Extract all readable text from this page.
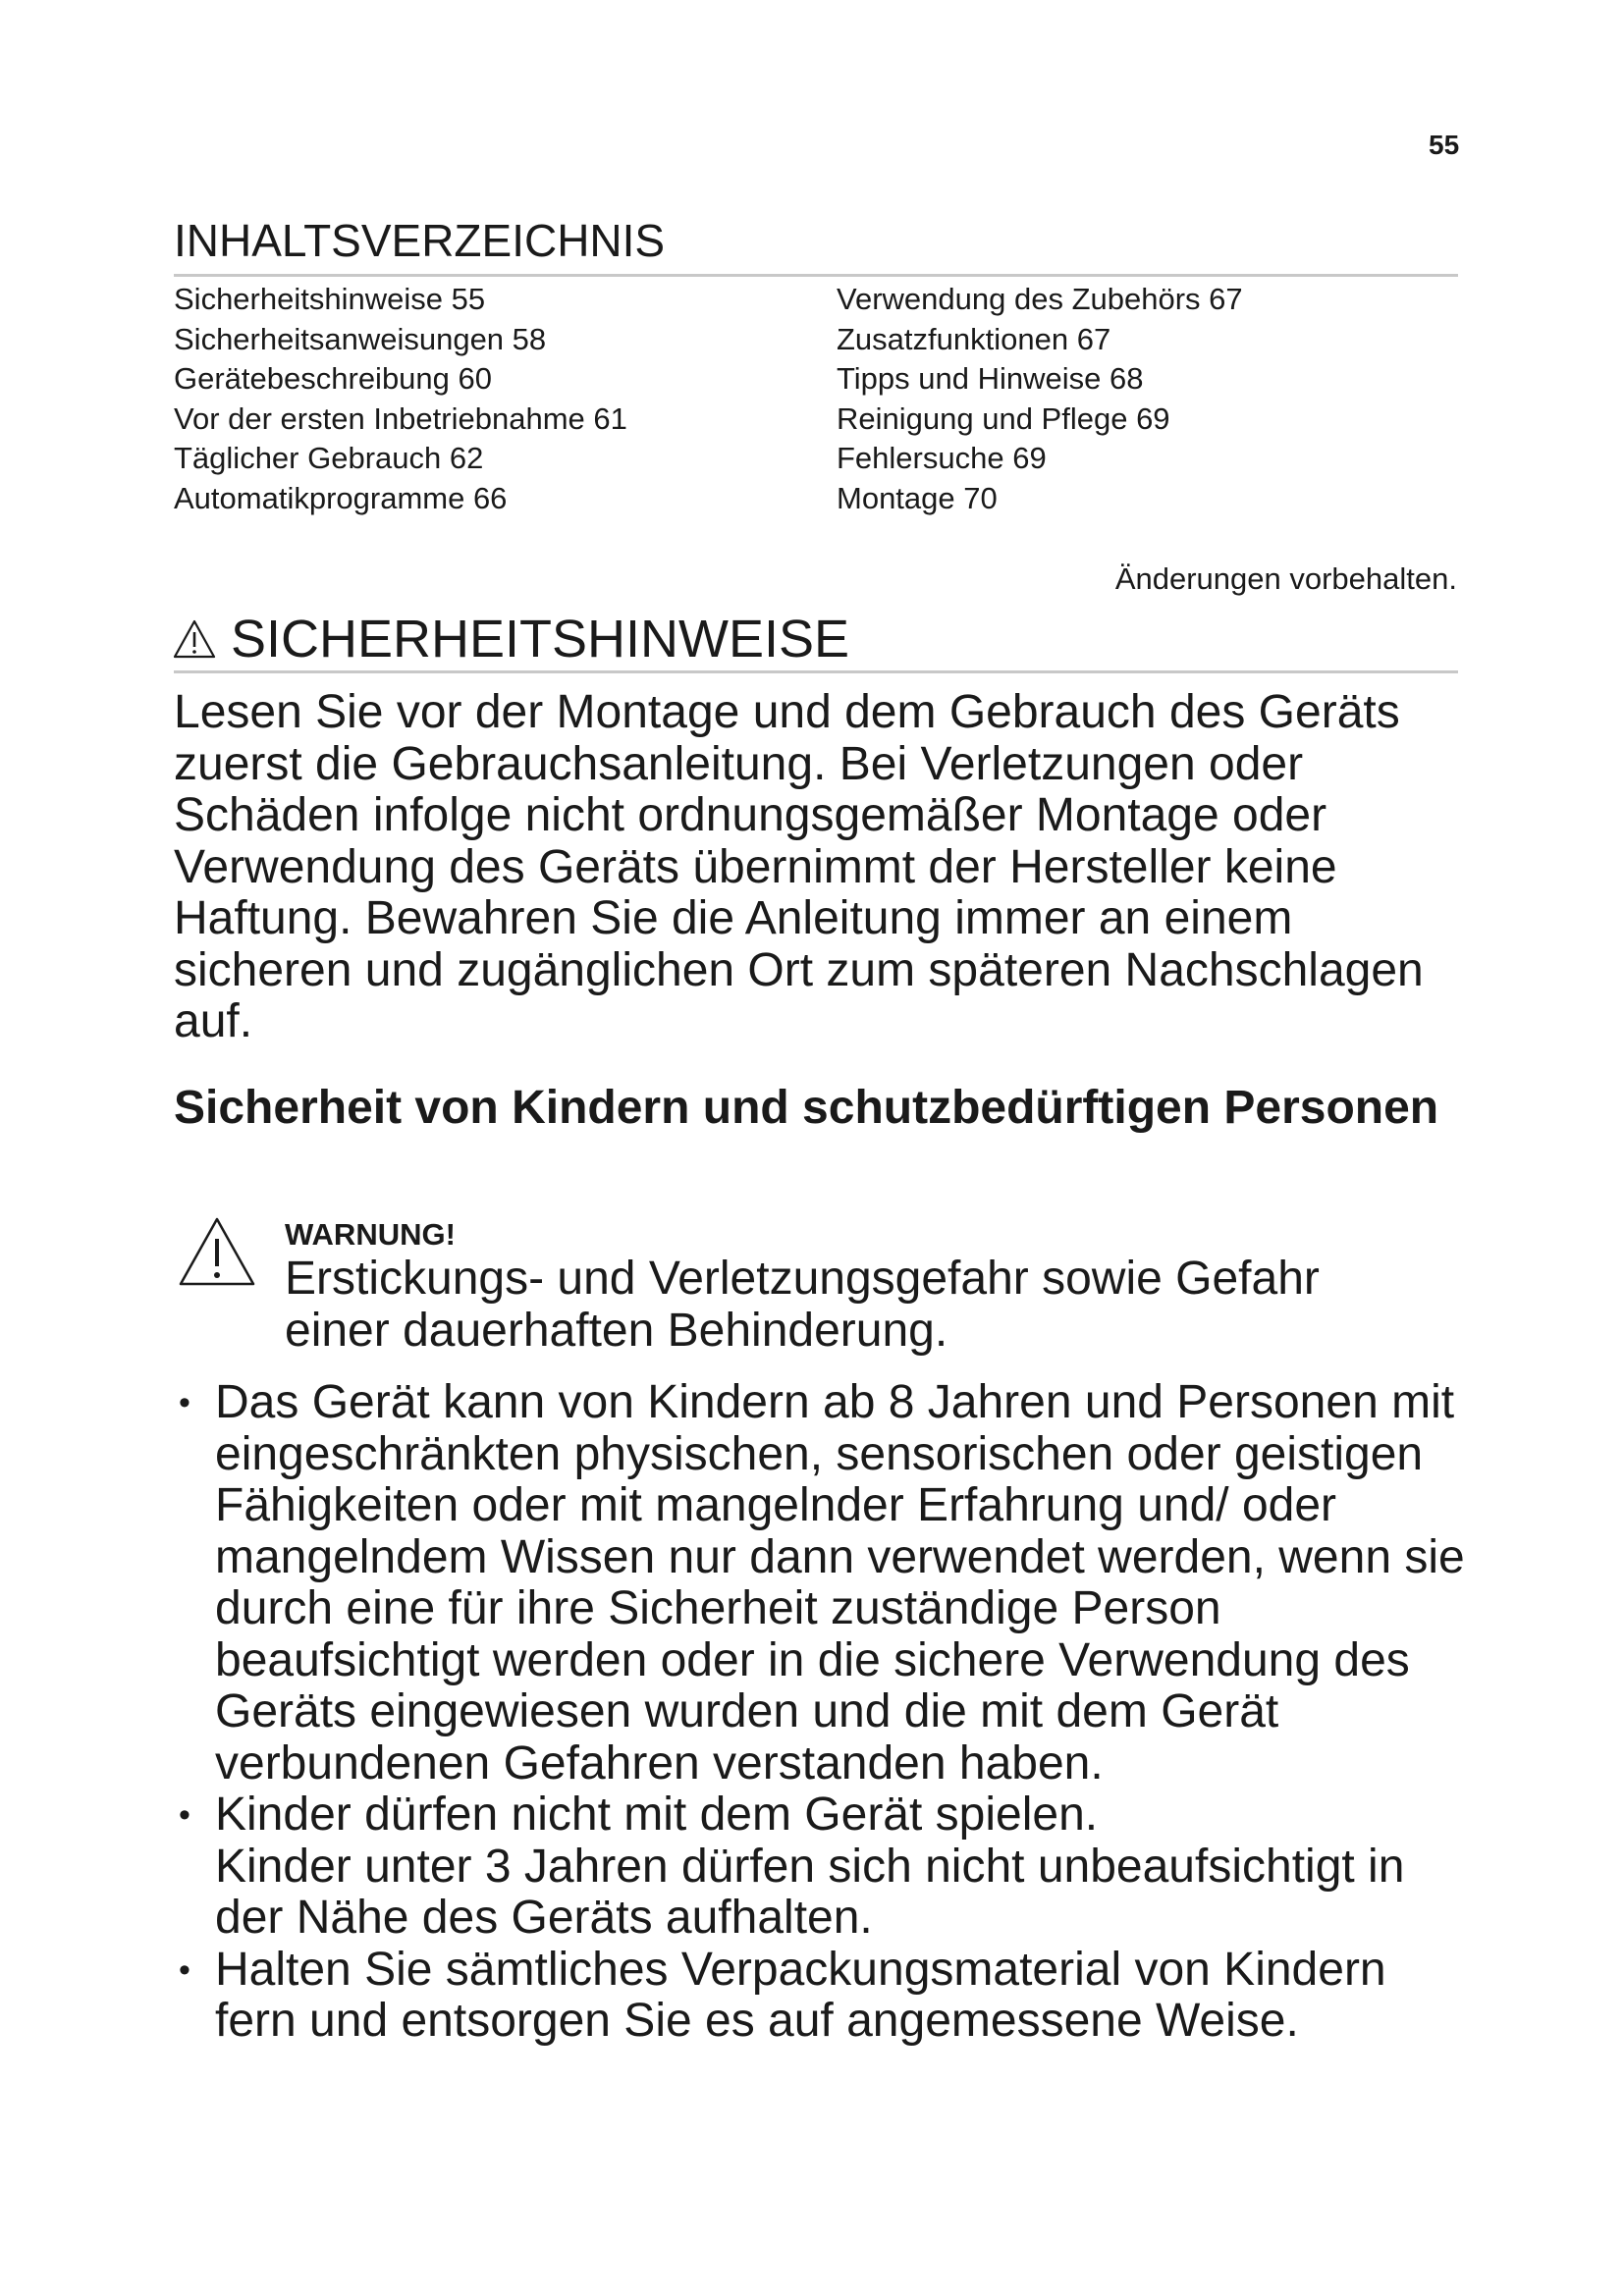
55
INHALTSVERZEICHNIS
Sicherheitshinweise 55
Sicherheitsanweisungen 58
Gerätebeschreibung 60
Vor der ersten Inbetriebnahme 61
Täglicher Gebrauch 62
Automatikprogramme 66
Verwendung des Zubehörs 67
Zusatzfunktionen 67
Tipps und Hinweise 68
Reinigung und Pflege 69
Fehlersuche 69
Montage 70
Änderungen vorbehalten.
SICHERHEITSHINWEISE

Lesen Sie vor der Montage und dem Gebrauch des Geräts zuerst die Gebrauchsanleitung. Bei Verletzungen oder Schäden infolge nicht ordnungsgemäßer Montage oder Verwendung des Geräts übernimmt der Hersteller keine Haftung. Bewahren Sie die Anleitung immer an einem sicheren und zugänglichen Ort zum späteren Nachschlagen auf.

Sicherheit von Kindern und schutzbedürftigen Personen
WARNUNG!

Erstickungs- und Verletzungsgefahr sowie Gefahr einer dauerhaften Behinderung.

• Das Gerät kann von Kindern ab 8 Jahren und Personen mit eingeschränkten physischen, sensorischen oder geistigen Fähigkeiten oder mit mangelnder Erfahrung und/ oder mangelndem Wissen nur dann verwendet werden, wenn sie durch eine für ihre Sicherheit zuständige Person beaufsichtigt werden oder in die sichere Verwendung des Geräts eingewiesen wurden und die mit dem Gerät verbundenen Gefahren verstanden haben.
• Kinder dürfen nicht mit dem Gerät spielen.
Kinder unter 3 Jahren dürfen sich nicht unbeaufsichtigt in der Nähe des Geräts aufhalten.
• Halten Sie sämtliches Verpackungsmaterial von Kindern fern und entsorgen Sie es auf angemessene Weise.
